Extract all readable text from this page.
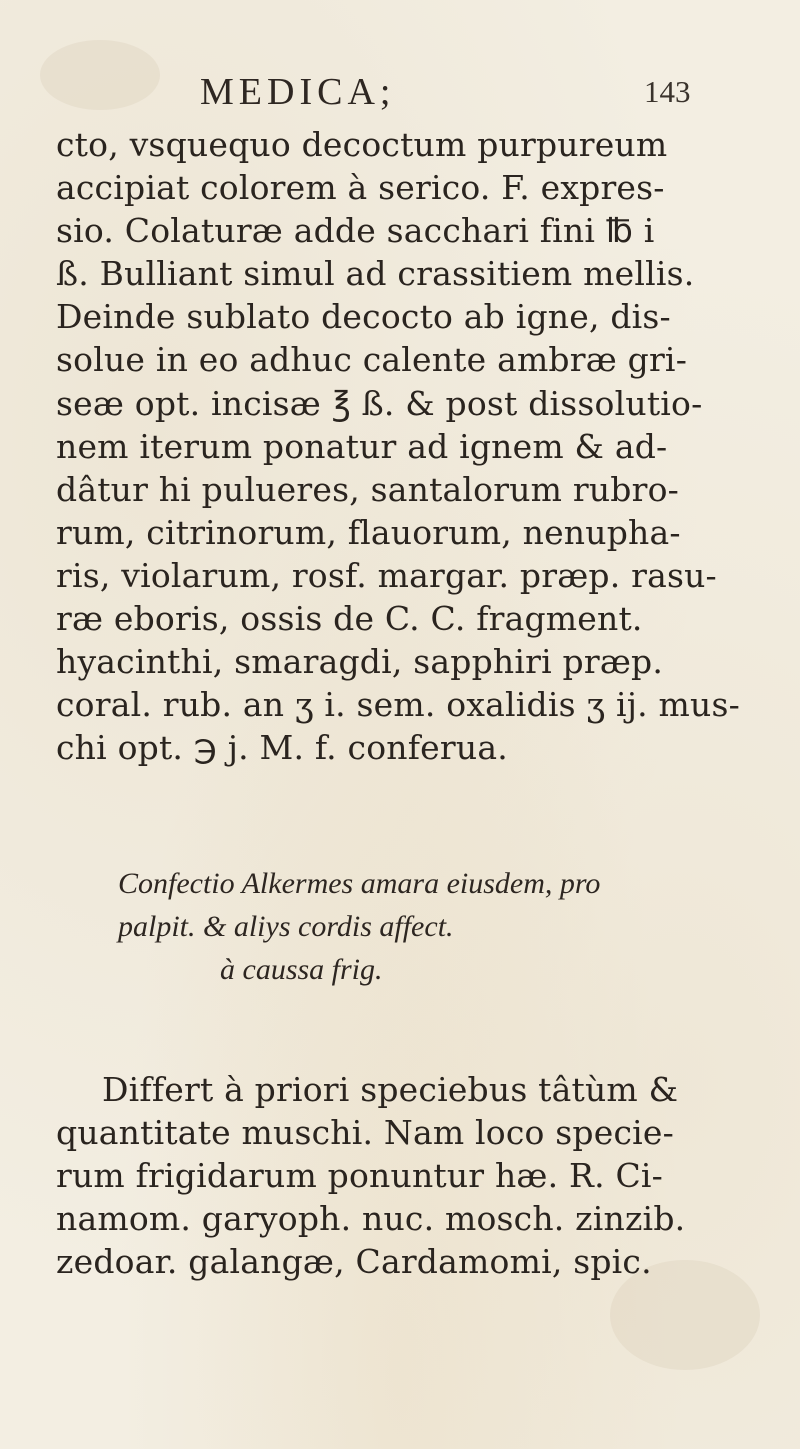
MEDICA;	143
cto, vsquequo decoctum purpureum
accipiat colorem à serico. F. expres-
sio. Colaturæ adde sacchari fini ℔ i
ß. Bulliant simul ad crassitiem mellis.
Deinde sublato decocto ab igne, dis-
solue in eo adhuc calente ambræ gri-
seæ opt. incisæ ℥ ß. & post dissolutio-
nem iterum ponatur ad ignem & ad-
dâtur hi pulueres, santalorum rubro-
rum, citrinorum, flauorum, nenupha-
ris, violarum, rosf. margar. præp. rasu-
ræ eboris, ossis de C. C. fragment.
hyacinthi, smaragdi, sapphiri præp.
coral. rub. an ʒ i. sem. oxalidis ʒ ij. mus-
chi opt. ℈ j. M. f. conferua.
Confectio Alkermes amara eiusdem, pro
palpit. & aliys cordis affect.
à caussa frig.
Differt à priori speciebus tâtùm &
quantitate muschi. Nam loco specie-
rum frigidarum ponuntur hæ. R. Ci-
namom. garyoph. nuc. mosch. zinzib.
zedoar. galangæ, Cardamomi, spic.
